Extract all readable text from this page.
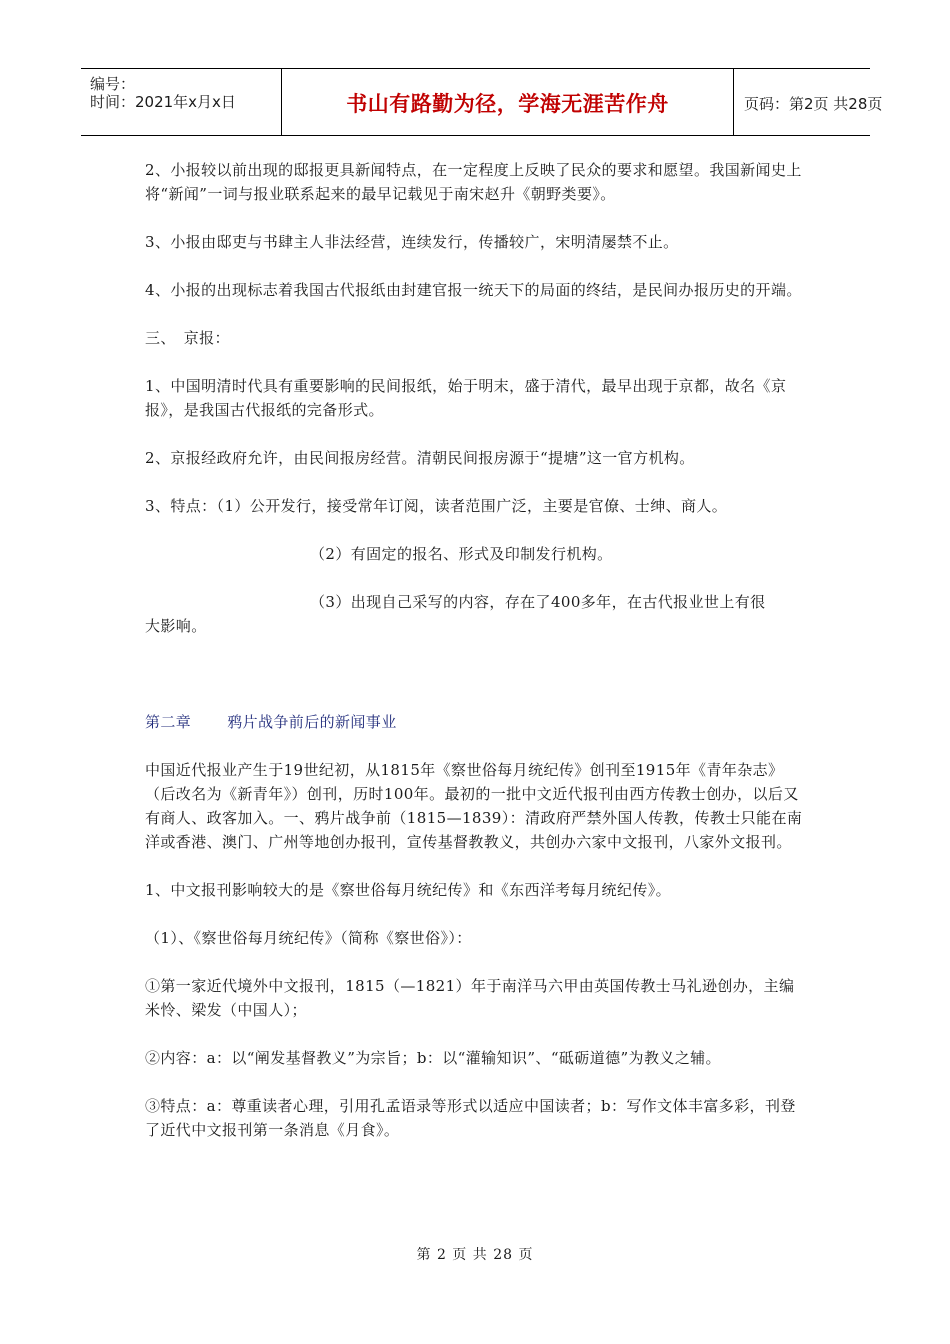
编号：
时间：2021年x月x日	书山有路勤为径，学海无涯苦作舟	页码：第2页 共28页

2、小报较以前出现的邸报更具新闻特点，在一定程度上反映了民众的要求和愿望。我国新闻史上将“新闻”一词与报业联系起来的最早记载见于南宋赵升《朝野类要》。

3、小报由邸吏与书肆主人非法经营，连续发行，传播较广，宋明清屡禁不止。

4、小报的出现标志着我国古代报纸由封建官报一统天下的局面的终结，是民间办报历史的开端。

三、　京报：

1、中国明清时代具有重要影响的民间报纸，始于明末，盛于清代，最早出现于京都，故名《京报》，是我国古代报纸的完备形式。

2、京报经政府允许，由民间报房经营。清朝民间报房源于“提塘”这一官方机构。

3、特点：（1）公开发行，接受常年订阅，读者范围广泛，主要是官僚、士绅、商人。

（2）有固定的报名、形式及印制发行机构。

（3）出现自己采写的内容，存在了400多年，在古代报业世上有很

大影响。

第二章 鸦片战争前后的新闻事业

中国近代报业产生于19世纪初，从1815年《察世俗每月统纪传》创刊至1915年《青年杂志》（后改名为《新青年》）创刊，历时100年。最初的一批中文近代报刊由西方传教士创办，以后又有商人、政客加入。一、鸦片战争前（1815—1839）：清政府严禁外国人传教，传教士只能在南洋或香港、澳门、广州等地创办报刊，宣传基督教教义，共创办六家中文报刊，八家外文报刊。

1、中文报刊影响较大的是《察世俗每月统纪传》和《东西洋考每月统纪传》。

（1）、《察世俗每月统纪传》（简称《察世俗》）：

①第一家近代境外中文报刊，1815（—1821）年于南洋马六甲由英国传教士马礼逊创办，主编米怜、梁发（中国人）；

②内容：a：以“阐发基督教义”为宗旨；b：以“灌输知识”、“砥砺道德”为教义之辅。

③特点：a：尊重读者心理，引用孔孟语录等形式以适应中国读者；b：写作文体丰富多彩，刊登了近代中文报刊第一条消息《月食》。

第 2 页 共 28 页
